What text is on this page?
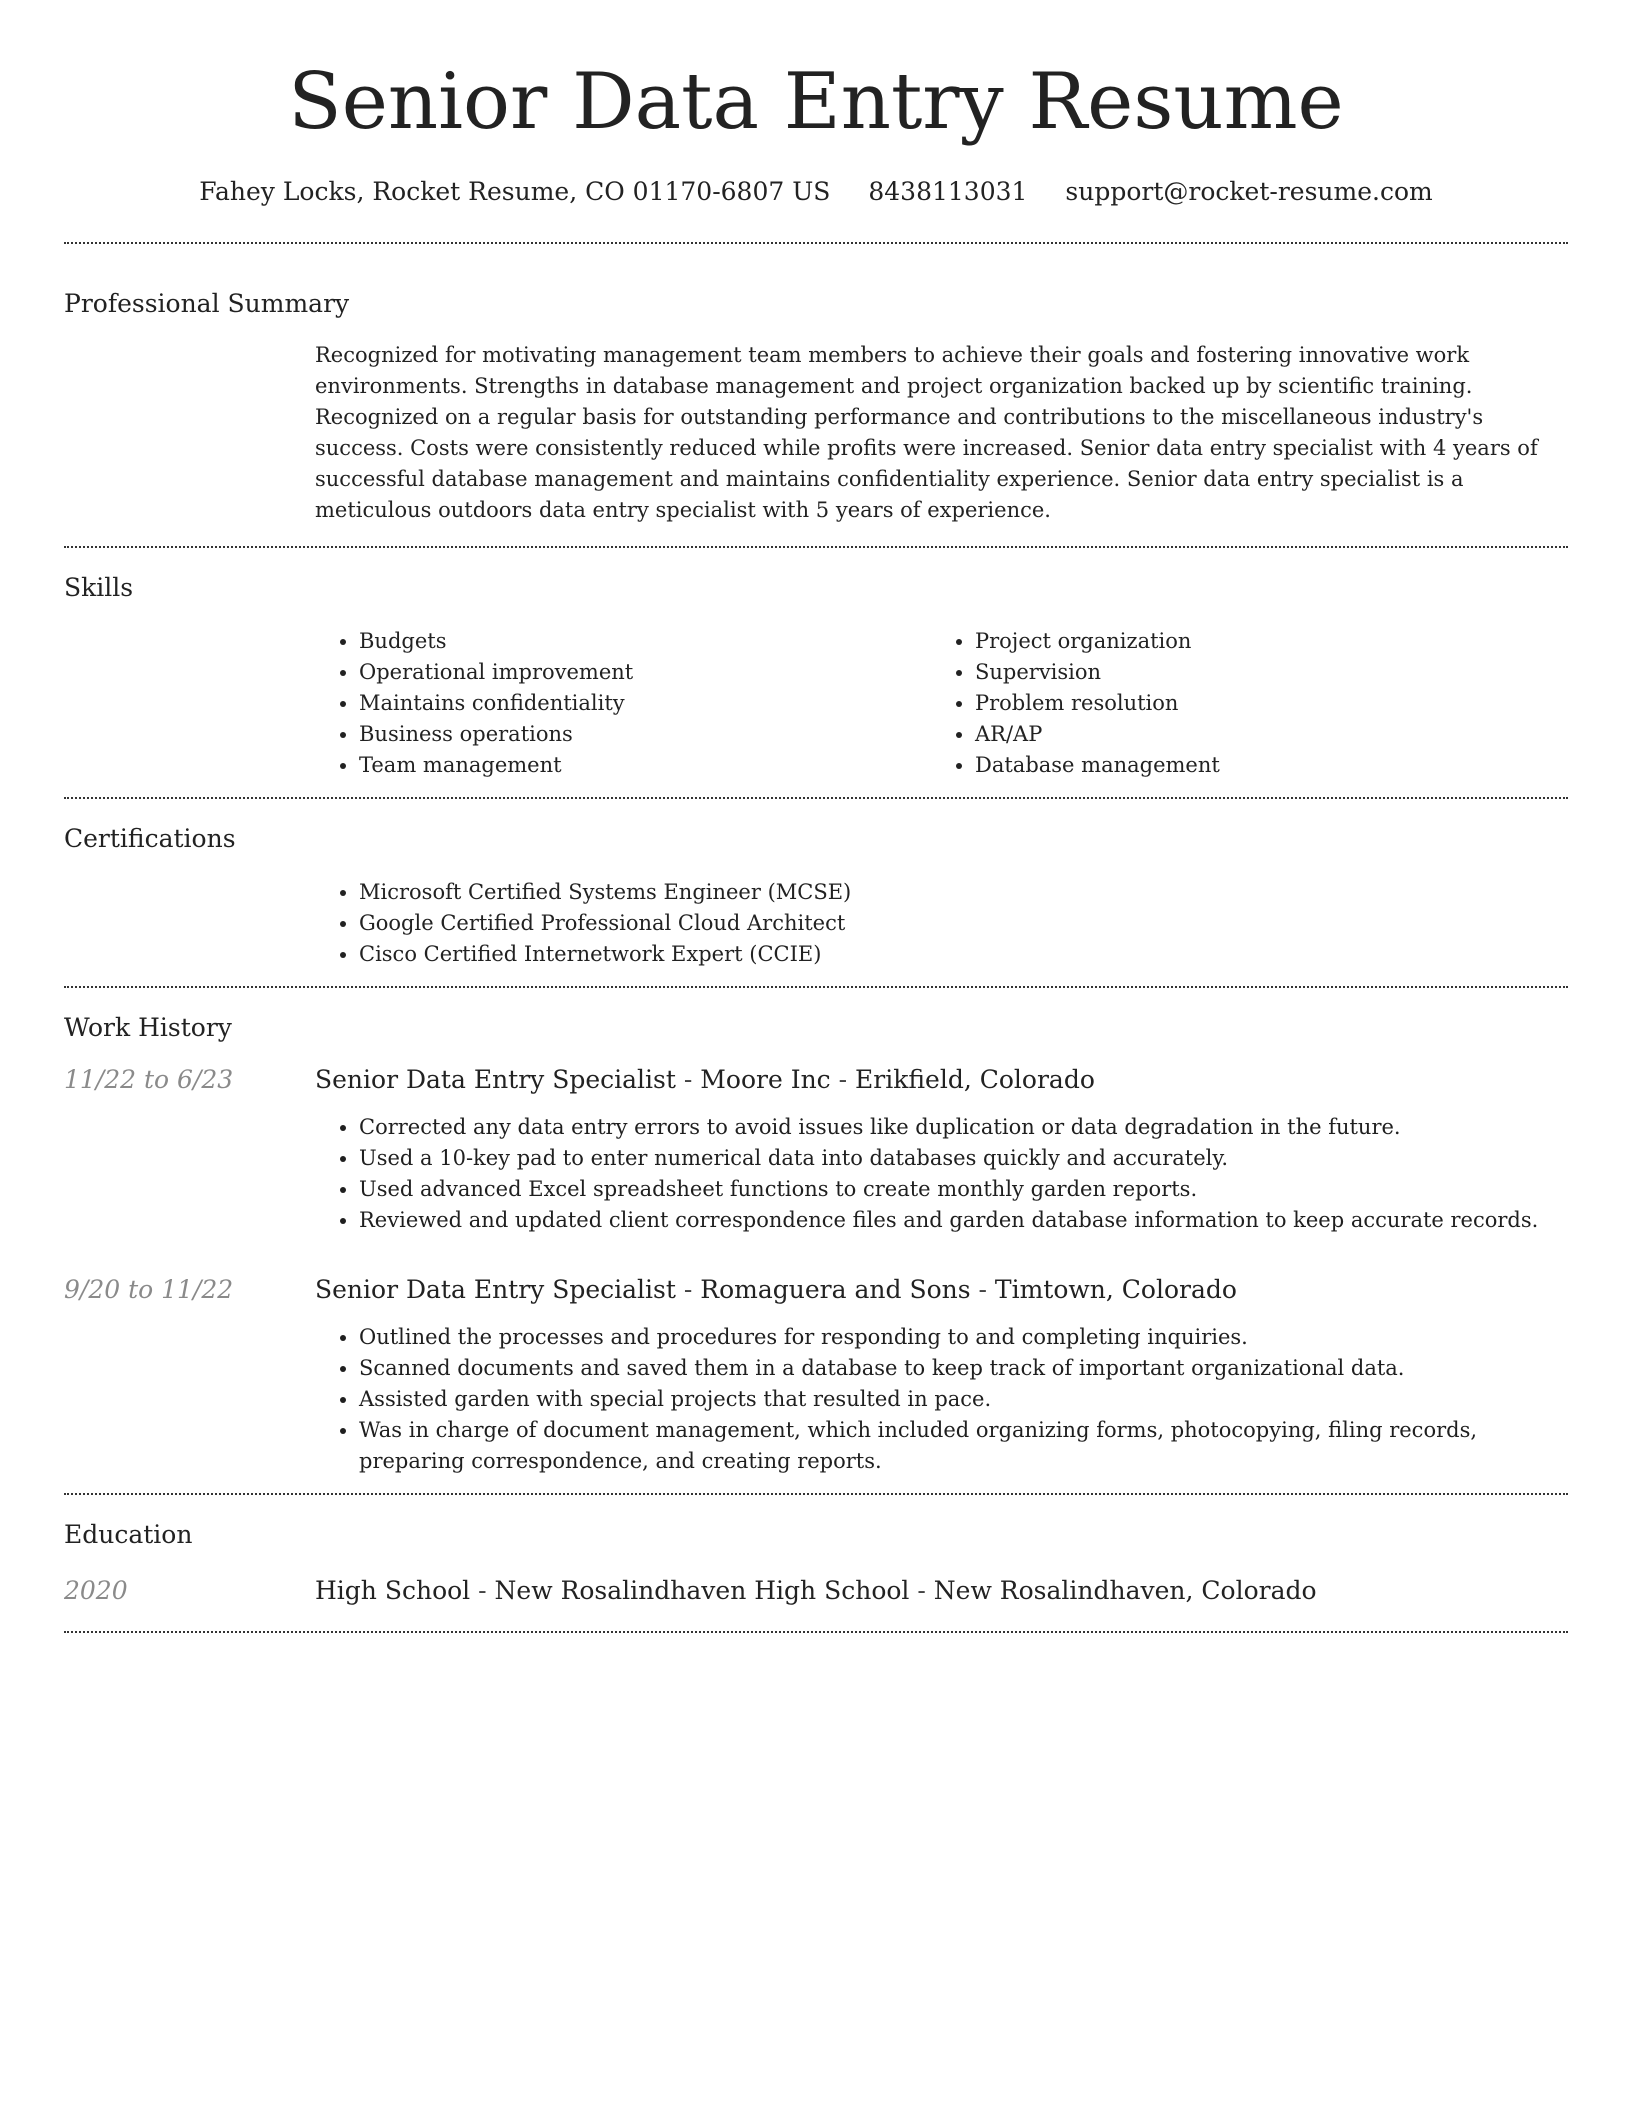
Senior Data Entry Resume
Fahey Locks, Rocket Resume, CO 01170-6807 US 8438113031 support@rocket-resume.com
Professional Summary

Recognized for motivating management team members to achieve their goals and fostering innovative work environments. Strengths in database management and project organization backed up by scientific training. Recognized on a regular basis for outstanding performance and contributions to the miscellaneous industry's success. Costs were consistently reduced while profits were increased. Senior data entry specialist with 4 years of successful database management and maintains confidentiality experience. Senior data entry specialist is a meticulous outdoors data entry specialist with 5 years of experience.

Skills
• Budgets
• Operational improvement
• Maintains confidentiality
• Business operations
• Team management
• Project organization
• Supervision
• Problem resolution
• AR/AP
• Database management
Certifications
• Microsoft Certified Systems Engineer (MCSE)
• Google Certified Professional Cloud Architect
• Cisco Certified Internetwork Expert (CCIE)
Work History
11/22 to 6/23	Senior Data Entry Specialist - Moore Inc - Erikfield, Colorado
• Corrected any data entry errors to avoid issues like duplication or data degradation in the future.
• Used a 10-key pad to enter numerical data into databases quickly and accurately.
• Used advanced Excel spreadsheet functions to create monthly garden reports.
• Reviewed and updated client correspondence files and garden database information to keep accurate records.
9/20 to 11/22	Senior Data Entry Specialist - Romaguera and Sons - Timtown, Colorado
• Outlined the processes and procedures for responding to and completing inquiries.
• Scanned documents and saved them in a database to keep track of important organizational data.
• Assisted garden with special projects that resulted in pace.
• Was in charge of document management, which included organizing forms, photocopying, filing records, preparing correspondence, and creating reports.
Education
2020	High School - New Rosalindhaven High School - New Rosalindhaven, Colorado
